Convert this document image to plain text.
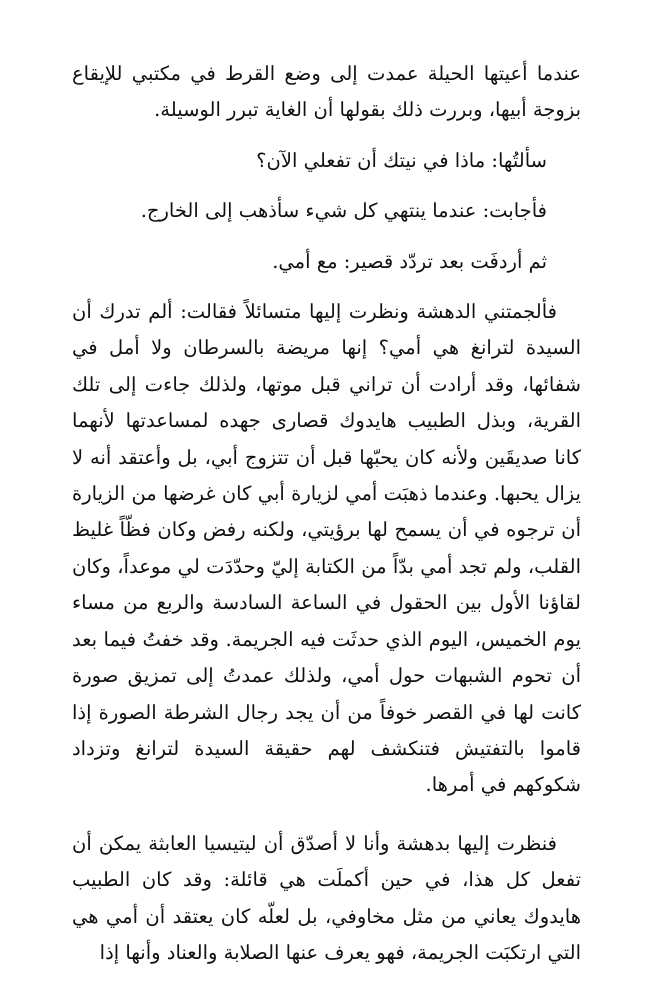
عندما أعيتها الحيلة عمدت إلى وضع القرط في مكتبي للإيقاع بزوجة أبيها، وبررت ذلك بقولها أن الغاية تبرر الوسيلة.

سألتُها: ماذا في نيتك أن تفعلي الآن؟

فأجابت: عندما ينتهي كل شيء سأذهب إلى الخارج.

ثم أردفَت بعد تردّد قصير: مع أمي.

فألجمتني الدهشة ونظرت إليها متسائلاً فقالت: ألم تدرك أن السيدة لترانغ هي أمي؟ إنها مريضة بالسرطان ولا أمل في شفائها، وقد أرادت أن تراني قبل موتها، ولذلك جاءت إلى تلك القرية، وبذل الطبيب هايدوك قصارى جهده لمساعدتها لأنهما كانا صديقَين ولأنه كان يحبّها قبل أن تتزوج أبي، بل وأعتقد أنه لا يزال يحبها. وعندما ذهبَت أمي لزيارة أبي كان غرضها من الزيارة أن ترجوه في أن يسمح لها برؤيتي، ولكنه رفض وكان فظّاً غليظ القلب، ولم تجد أمي بدّاً من الكتابة إليّ وحدّدَت لي موعداً، وكان لقاؤنا الأول بين الحقول في الساعة السادسة والربع من مساء يوم الخميس، اليوم الذي حدثَت فيه الجريمة. وقد خفتُ فيما بعد أن تحوم الشبهات حول أمي، ولذلك عمدتُ إلى تمزيق صورة كانت لها في القصر خوفاً من أن يجد رجال الشرطة الصورة إذا قاموا بالتفتيش فتنكشف لهم حقيقة السيدة لترانغ وتزداد شكوكهم في أمرها.

فنظرت إليها بدهشة وأنا لا أصدّق أن ليتيسيا العابثة يمكن أن تفعل كل هذا، في حين أكملَت هي قائلة: وقد كان الطبيب هايدوك يعاني من مثل مخاوفي، بل لعلّه كان يعتقد أن أمي هي التي ارتكبَت الجريمة، فهو يعرف عنها الصلابة والعناد وأنها إذا
